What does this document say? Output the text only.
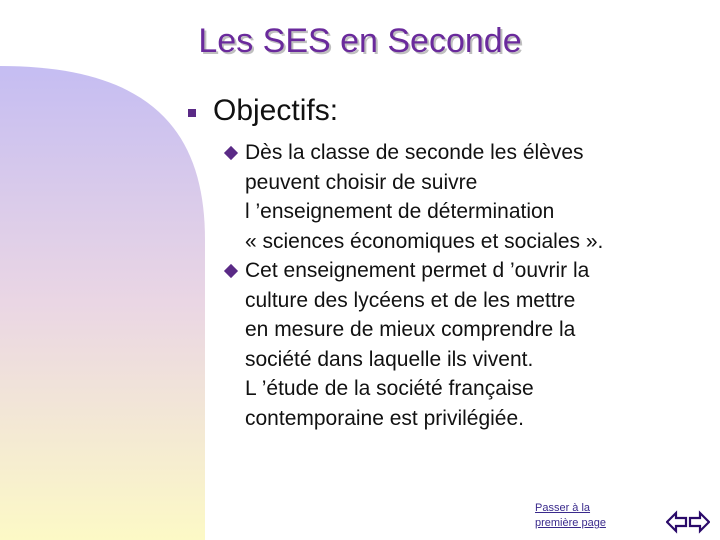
Les SES en Seconde
Objectifs:
Dès la classe de seconde les élèves
peuvent choisir de suivre
l ’enseignement de détermination
« sciences économiques et sociales ».
Cet enseignement permet d ’ouvrir la
culture des lycéens et de les mettre
en mesure de mieux comprendre la
société dans laquelle ils vivent.
L ’étude de la société française
contemporaine est privilégiée.
Passer à la
première page
